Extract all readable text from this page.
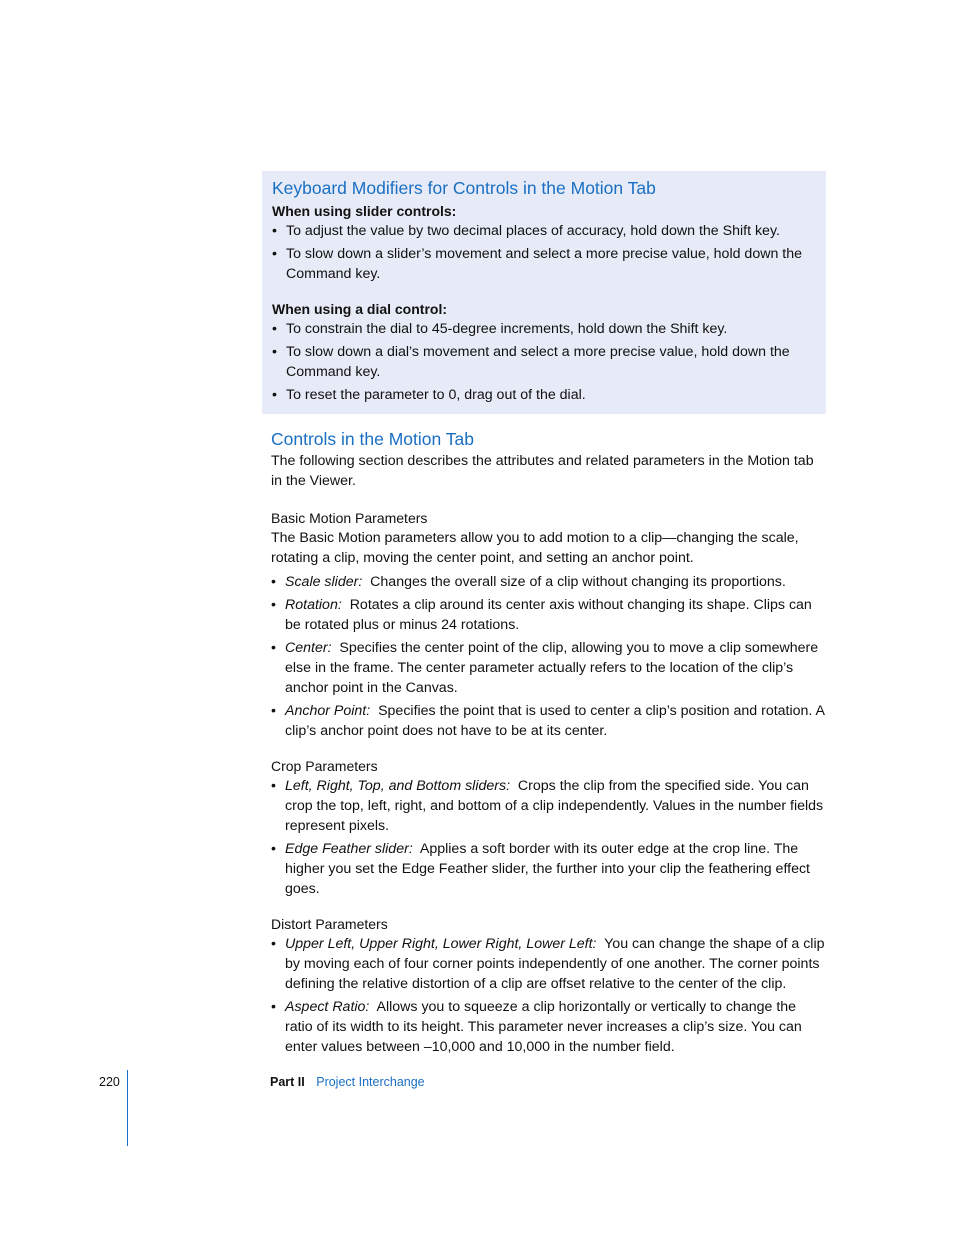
Keyboard Modifiers for Controls in the Motion Tab

When using slider controls:

• To adjust the value by two decimal places of accuracy, hold down the Shift key.
• To slow down a slider’s movement and select a more precise value, hold down the Command key.

When using a dial control:

• To constrain the dial to 45-degree increments, hold down the Shift key.
• To slow down a dial’s movement and select a more precise value, hold down the Command key.
• To reset the parameter to 0, drag out of the dial.
Controls in the Motion Tab

The following section describes the attributes and related parameters in the Motion tab in the Viewer.

Basic Motion Parameters

The Basic Motion parameters allow you to add motion to a clip—changing the scale, rotating a clip, moving the center point, and setting an anchor point.

• Scale slider: Changes the overall size of a clip without changing its proportions.
• Rotation: Rotates a clip around its center axis without changing its shape. Clips can be rotated plus or minus 24 rotations.
• Center: Specifies the center point of the clip, allowing you to move a clip somewhere else in the frame. The center parameter actually refers to the location of the clip’s anchor point in the Canvas.
• Anchor Point: Specifies the point that is used to center a clip’s position and rotation. A clip’s anchor point does not have to be at its center.

Crop Parameters

• Left, Right, Top, and Bottom sliders: Crops the clip from the specified side. You can crop the top, left, right, and bottom of a clip independently. Values in the number fields represent pixels.
• Edge Feather slider: Applies a soft border with its outer edge at the crop line. The higher you set the Edge Feather slider, the further into your clip the feathering effect goes.

Distort Parameters

• Upper Left, Upper Right, Lower Right, Lower Left: You can change the shape of a clip by moving each of four corner points independently of one another. The corner points defining the relative distortion of a clip are offset relative to the center of the clip.
• Aspect Ratio: Allows you to squeeze a clip horizontally or vertically to change the ratio of its width to its height. This parameter never increases a clip’s size. You can enter values between –10,000 and 10,000 in the number field.
220	Part II Project Interchange
